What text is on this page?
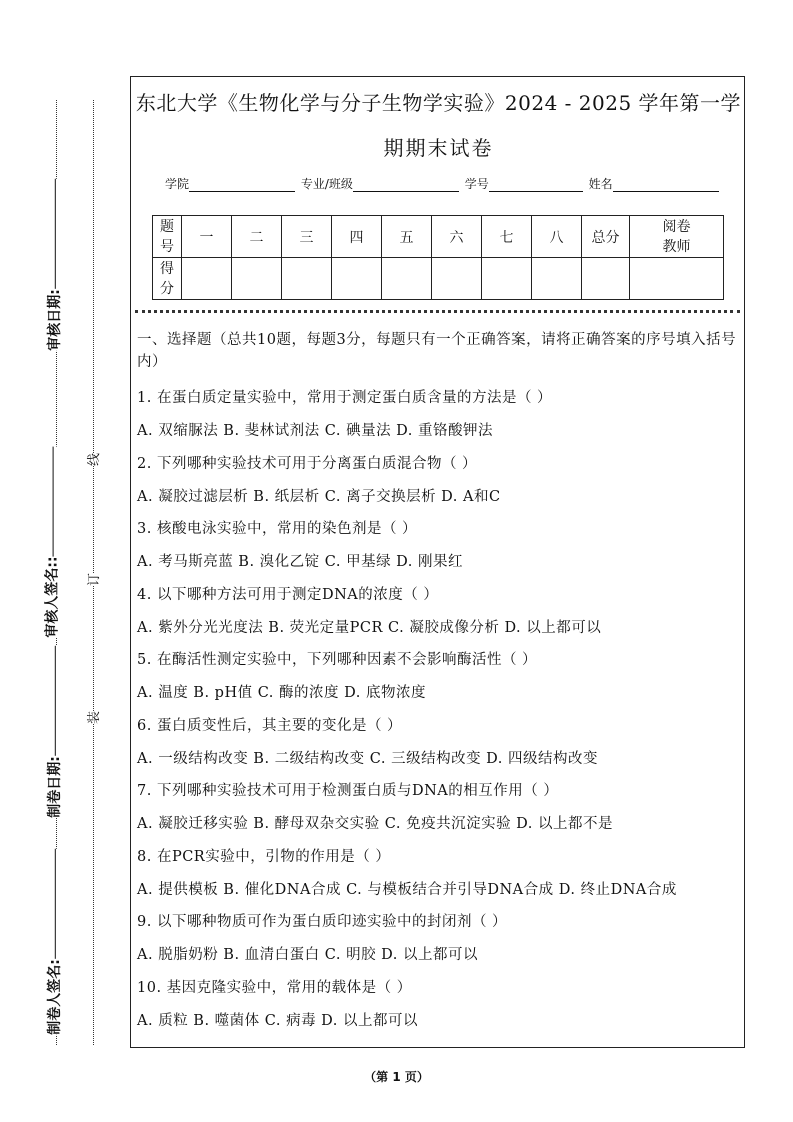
审核日期:
审核人签名::
制卷日期:
制卷人签名:
线
订
装
东北大学《生物化学与分子生物学实验》2024 - 2025 学年第一学
期期末试卷
学院	专业/班级	学号	姓名
题号	一	二	三	四	五	六	七	八	总分	阅卷教师
得分										
一、选择题（总共10题，每题3分，每题只有一个正确答案，请将正确答案的序号填入括号内）
1. 在蛋白质定量实验中，常用于测定蛋白质含量的方法是（ ）
A. 双缩脲法 B. 斐林试剂法 C. 碘量法 D. 重铬酸钾法
2. 下列哪种实验技术可用于分离蛋白质混合物（ ）
A. 凝胶过滤层析 B. 纸层析 C. 离子交换层析 D. A和C
3. 核酸电泳实验中，常用的染色剂是（ ）
A. 考马斯亮蓝 B. 溴化乙锭 C. 甲基绿 D. 刚果红
4. 以下哪种方法可用于测定DNA的浓度（ ）
A. 紫外分光光度法 B. 荧光定量PCR C. 凝胶成像分析 D. 以上都可以
5. 在酶活性测定实验中，下列哪种因素不会影响酶活性（ ）
A. 温度 B. pH值 C. 酶的浓度 D. 底物浓度
6. 蛋白质变性后，其主要的变化是（ ）
A. 一级结构改变 B. 二级结构改变 C. 三级结构改变 D. 四级结构改变
7. 下列哪种实验技术可用于检测蛋白质与DNA的相互作用（ ）
A. 凝胶迁移实验 B. 酵母双杂交实验 C. 免疫共沉淀实验 D. 以上都不是
8. 在PCR实验中，引物的作用是（ ）
A. 提供模板 B. 催化DNA合成 C. 与模板结合并引导DNA合成 D. 终止DNA合成
9. 以下哪种物质可作为蛋白质印迹实验中的封闭剂（ ）
A. 脱脂奶粉 B. 血清白蛋白 C. 明胶 D. 以上都可以
10. 基因克隆实验中，常用的载体是（ ）
A. 质粒 B. 噬菌体 C. 病毒 D. 以上都可以
（第 1 页）
